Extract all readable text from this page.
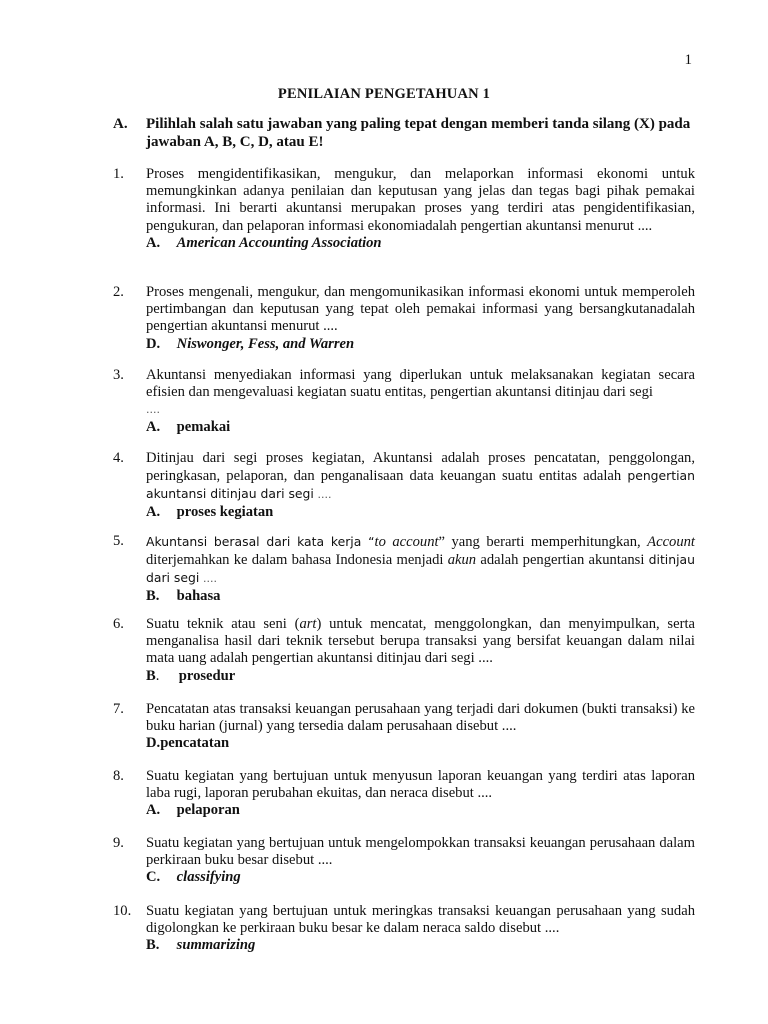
1
PENILAIAN PENGETAHUAN 1
A. Pilihlah salah satu jawaban yang paling tepat dengan memberi tanda silang (X) pada jawaban A, B, C, D, atau E!
1. Proses mengidentifikasikan, mengukur, dan melaporkan informasi ekonomi untuk memungkinkan adanya penilaian dan keputusan yang jelas dan tegas bagi pihak pemakai informasi. Ini berarti akuntansi merupakan proses yang terdiri atas pengidentifikasian, pengukuran, dan pelaporan informasi ekonomiadalah pengertian akuntansi menurut ....
A. American Accounting Association
2. Proses mengenali, mengukur, dan mengomunikasikan informasi ekonomi untuk memperoleh pertimbangan dan keputusan yang tepat oleh pemakai informasi yang bersangkutanadalah pengertian akuntansi menurut ....
D. Niswonger, Fess, and Warren
3. Akuntansi menyediakan informasi yang diperlukan untuk melaksanakan kegiatan secara efisien dan mengevaluasi kegiatan suatu entitas, pengertian akuntansi ditinjau dari segi
....
A. pemakai
4. Ditinjau dari segi proses kegiatan, Akuntansi adalah proses pencatatan, penggolongan, peringkasan, pelaporan, dan penganalisaan data keuangan suatu entitas adalah pengertian akuntansi ditinjau dari segi ....
A. proses kegiatan
5. Akuntansi berasal dari kata kerja “to account” yang berarti memperhitungkan, Account diterjemahkan ke dalam bahasa Indonesia menjadi akun adalah pengertian akuntansi ditinjau dari segi ....
B. bahasa
6. Suatu teknik atau seni (art) untuk mencatat, menggolongkan, dan menyimpulkan, serta menganalisa hasil dari teknik tersebut berupa transaksi yang bersifat keuangan dalam nilai mata uang adalah pengertian akuntansi ditinjau dari segi ....
B. prosedur
7. Pencatatan atas transaksi keuangan perusahaan yang terjadi dari dokumen (bukti transaksi) ke buku harian (jurnal) yang tersedia dalam perusahaan disebut ....
D.pencatatan
8. Suatu kegiatan yang bertujuan untuk menyusun laporan keuangan yang terdiri atas laporan laba rugi, laporan perubahan ekuitas, dan neraca disebut ....
A. pelaporan
9. Suatu kegiatan yang bertujuan untuk mengelompokkan transaksi keuangan perusahaan dalam perkiraan buku besar disebut ....
C. classifying
10. Suatu kegiatan yang bertujuan untuk meringkas transaksi keuangan perusahaan yang sudah digolongkan ke perkiraan buku besar ke dalam neraca saldo disebut ....
B. summarizing
